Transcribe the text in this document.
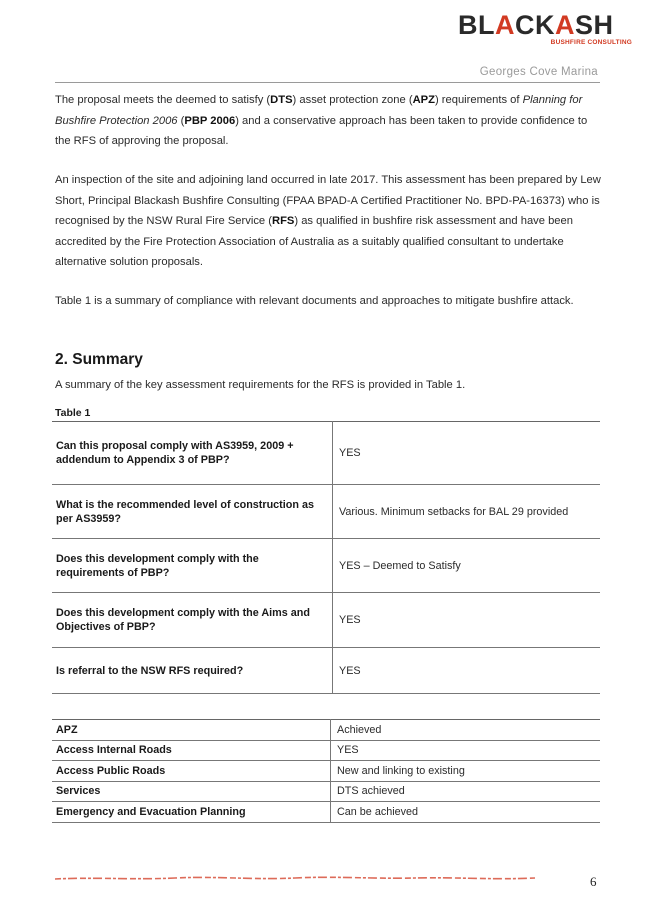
BLACKASH
BUSHFIRE CONSULTING
Georges Cove Marina

The proposal meets the deemed to satisfy (DTS) asset protection zone (APZ) requirements of Planning for Bushfire Protection 2006 (PBP 2006) and a conservative approach has been taken to provide confidence to the RFS of approving the proposal.

An inspection of the site and adjoining land occurred in late 2017. This assessment has been prepared by Lew Short, Principal Blackash Bushfire Consulting (FPAA BPAD-A Certified Practitioner No. BPD-PA-16373) who is recognised by the NSW Rural Fire Service (RFS) as qualified in bushfire risk assessment and have been accredited by the Fire Protection Association of Australia as a suitably qualified consultant to undertake alternative solution proposals.

Table 1 is a summary of compliance with relevant documents and approaches to mitigate bushfire attack.

2. Summary

A summary of the key assessment requirements for the RFS is provided in Table 1.

Table 1

Can this proposal comply with AS3959, 2009 + addendum to Appendix 3 of PBP?	YES
What is the recommended level of construction as per AS3959?	Various. Minimum setbacks for BAL 29 provided
Does this development comply with the requirements of PBP?	YES – Deemed to Satisfy
Does this development comply with the Aims and Objectives of PBP?	YES
Is referral to the NSW RFS required?	YES
APZ	Achieved
Access Internal Roads	YES
Access Public Roads	New and linking to existing
Services	DTS achieved
Emergency and Evacuation Planning	Can be achieved
6
